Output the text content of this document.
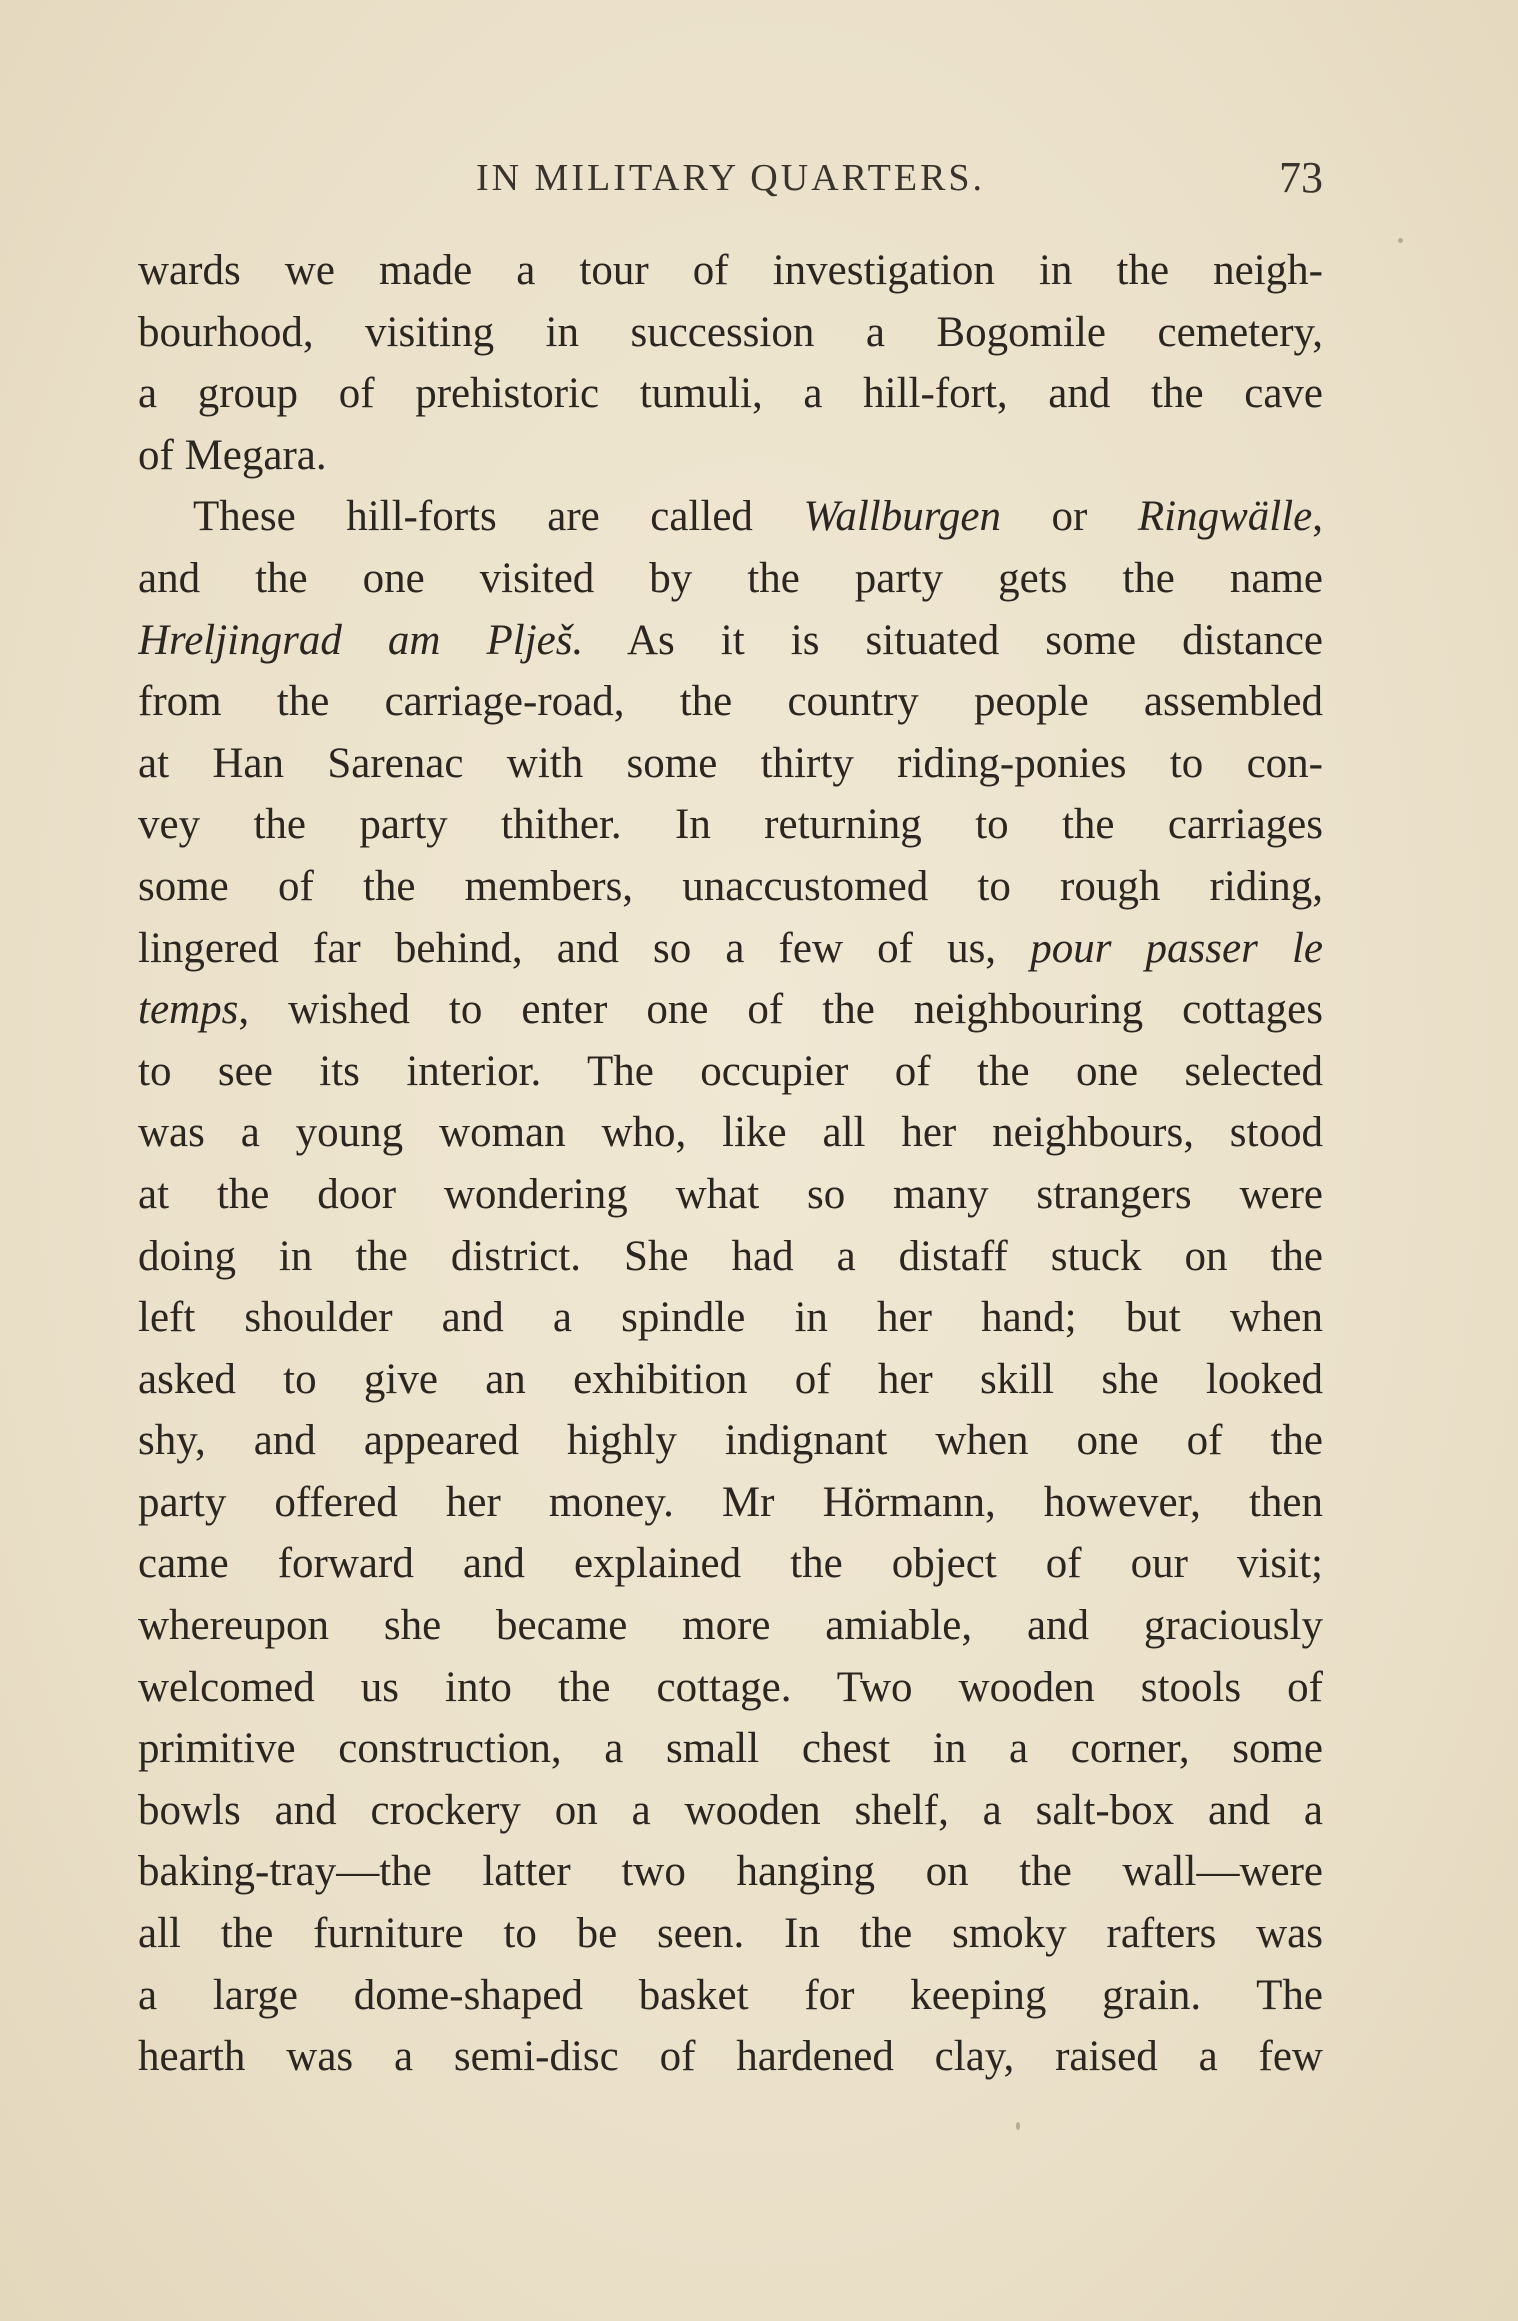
IN MILITARY QUARTERS.	73
wards we made a tour of investigation in the neigh-
bourhood, visiting in succession a Bogomile cemetery,
a group of prehistoric tumuli, a hill-fort, and the cave
of Megara.
These hill-forts are called Wallburgen or Ringwälle,
and the one visited by the party gets the name
Hreljingrad am Plješ. As it is situated some distance
from the carriage-road, the country people assembled
at Han Sarenac with some thirty riding-ponies to con-
vey the party thither. In returning to the carriages
some of the members, unaccustomed to rough riding,
lingered far behind, and so a few of us, pour passer le
temps, wished to enter one of the neighbouring cottages
to see its interior. The occupier of the one selected
was a young woman who, like all her neighbours, stood
at the door wondering what so many strangers were
doing in the district. She had a distaff stuck on the
left shoulder and a spindle in her hand; but when
asked to give an exhibition of her skill she looked
shy, and appeared highly indignant when one of the
party offered her money. Mr Hörmann, however, then
came forward and explained the object of our visit;
whereupon she became more amiable, and graciously
welcomed us into the cottage. Two wooden stools of
primitive construction, a small chest in a corner, some
bowls and crockery on a wooden shelf, a salt-box and a
baking-tray—the latter two hanging on the wall—were
all the furniture to be seen. In the smoky rafters was
a large dome-shaped basket for keeping grain. The
hearth was a semi-disc of hardened clay, raised a few
